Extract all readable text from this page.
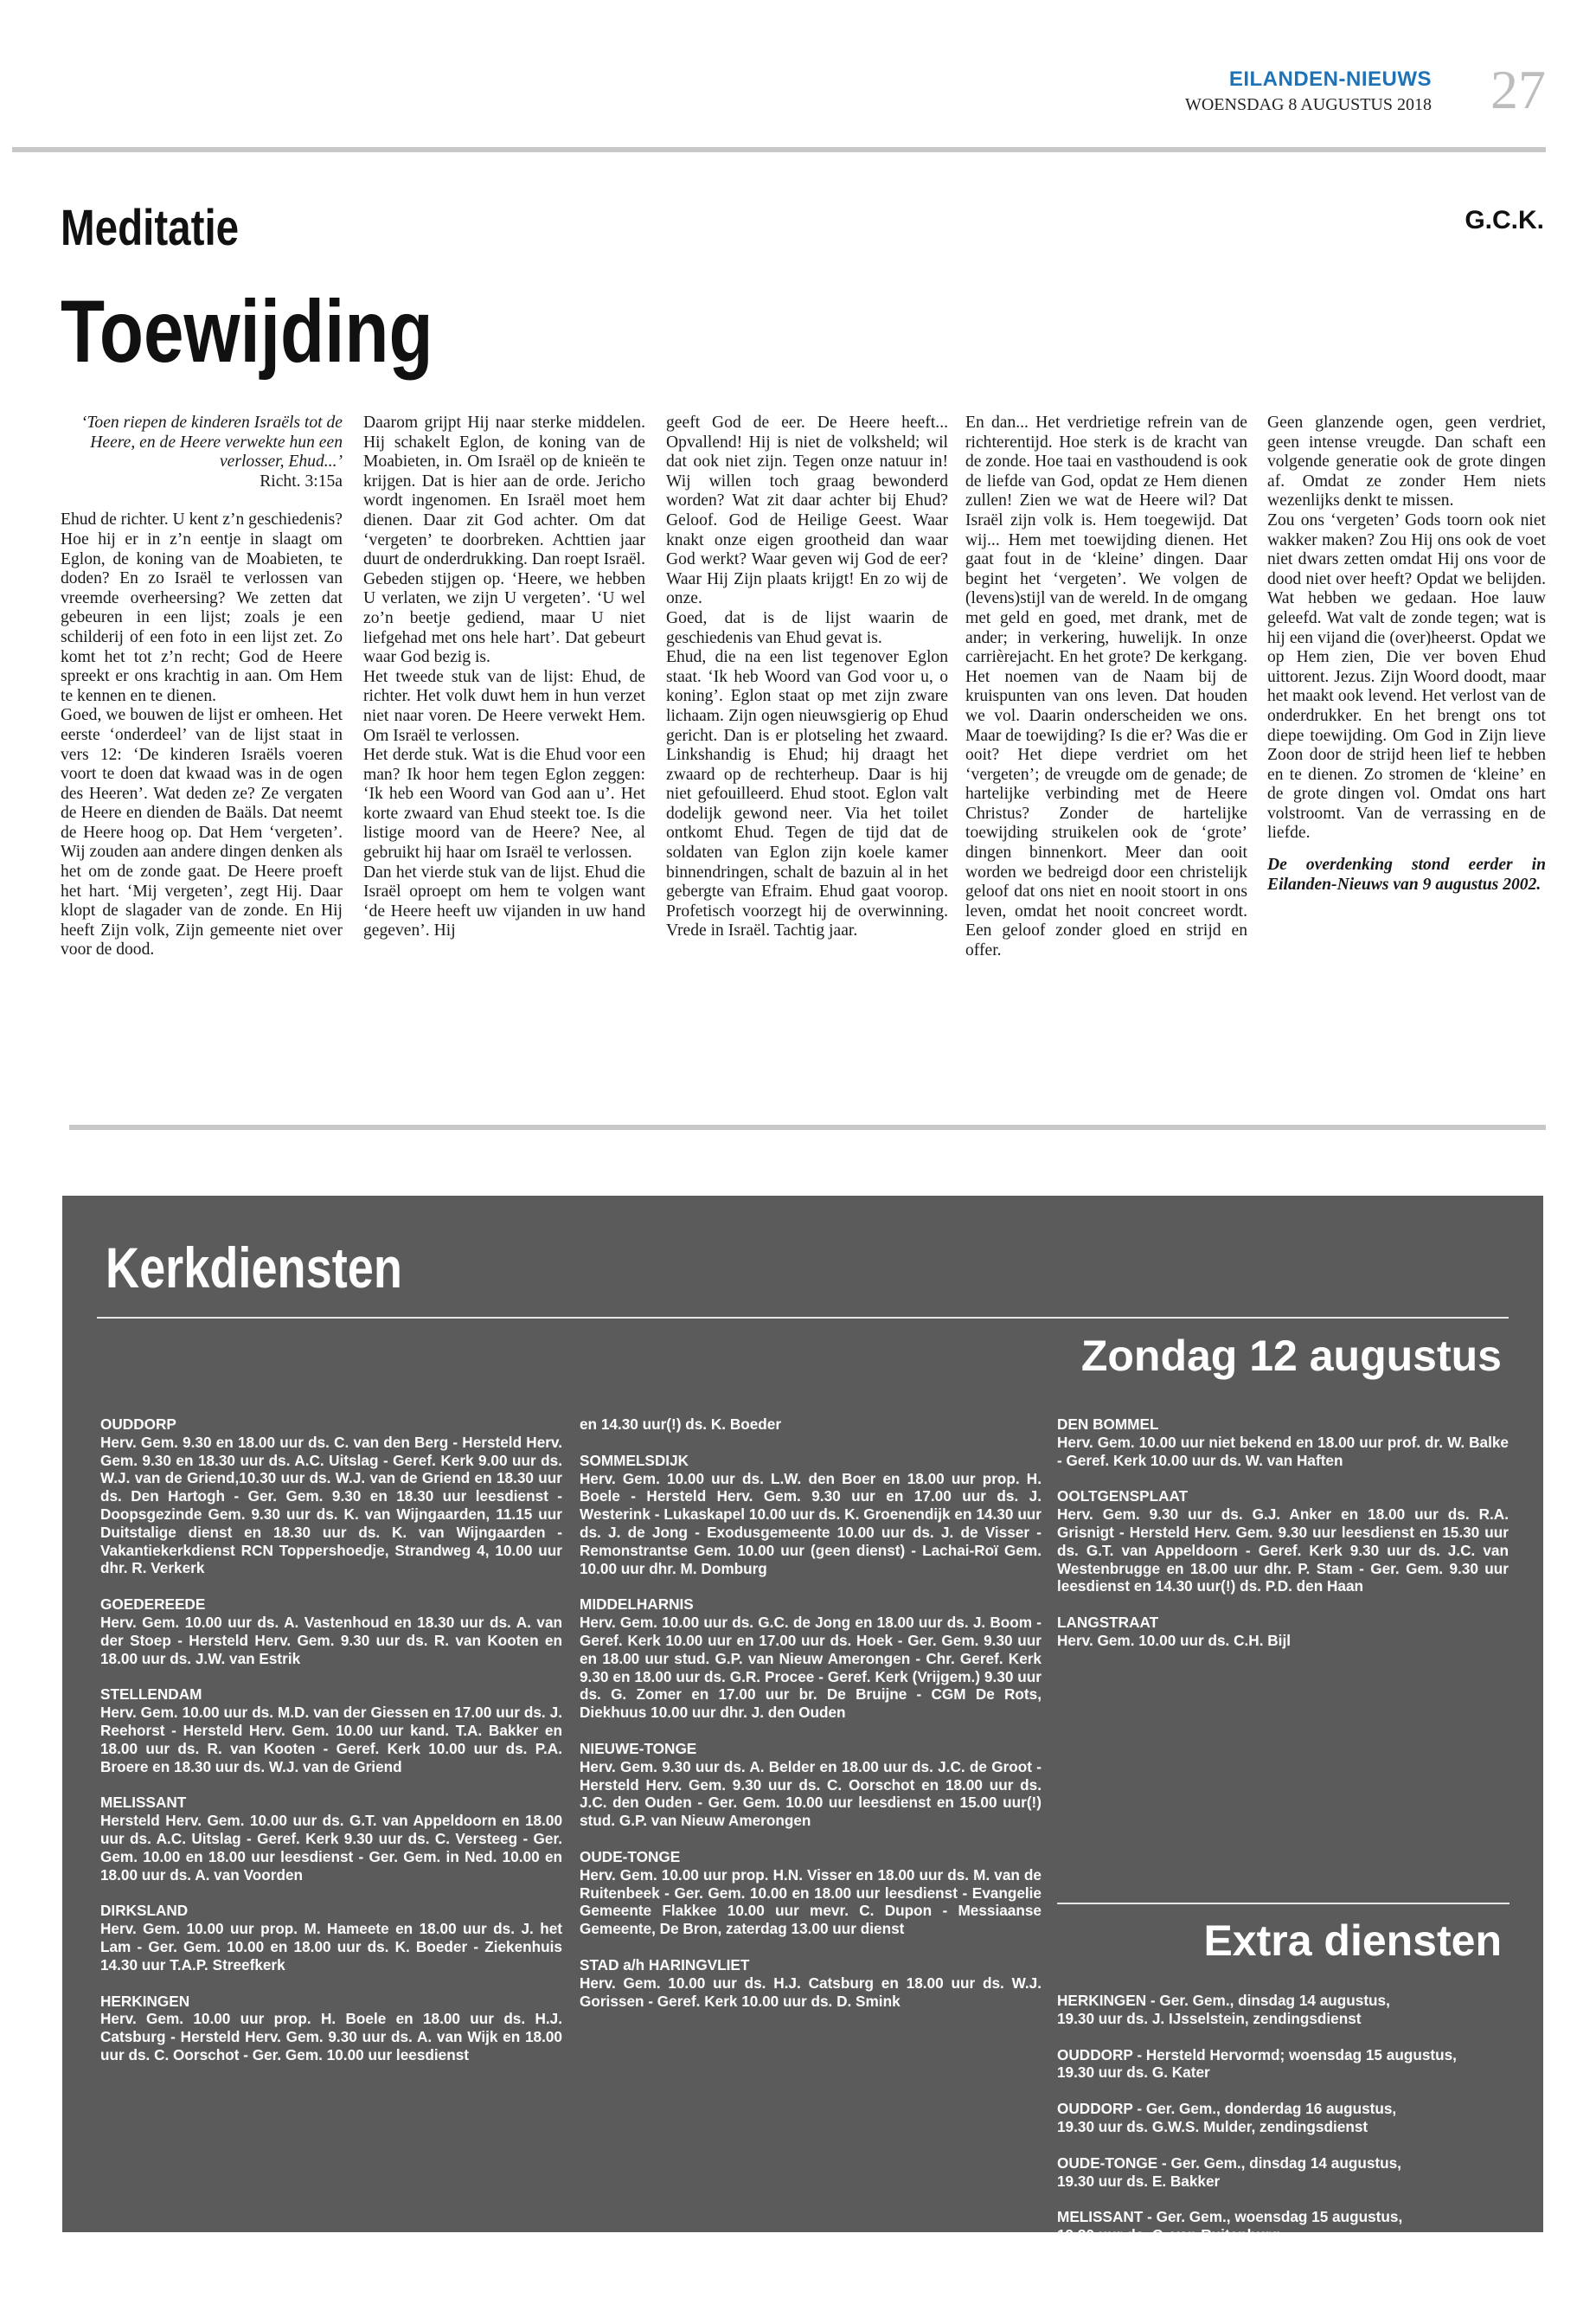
EILANDEN-NIEUWS
WOENSDAG 8 AUGUSTUS 2018 27
Meditatie	G.C.K.
Toewijding

‘Toen riepen de kinderen Israëls tot de Heere, en de Heere verwekte hun een verlosser, Ehud...’

Richt. 3:15a

Ehud de richter. U kent z’n geschiedenis? Hoe hij er in z’n eentje in slaagt om Eglon, de koning van de Moabieten, te doden? En zo Israël te verlossen van vreemde overheersing? We zetten dat gebeuren in een lijst; zoals je een schilderij of een foto in een lijst zet. Zo komt het tot z’n recht; God de Heere spreekt er ons krachtig in aan. Om Hem te kennen en te dienen.

Goed, we bouwen de lijst er omheen. Het eerste ‘onderdeel’ van de lijst staat in vers 12: ‘De kinderen Israëls voeren voort te doen dat kwaad was in de ogen des Heeren’. Wat deden ze? Ze vergaten de Heere en dienden de Baäls. Dat neemt de Heere hoog op. Dat Hem ‘vergeten’. Wij zouden aan andere dingen denken als het om de zonde gaat. De Heere proeft het hart. ‘Mij vergeten’, zegt Hij. Daar klopt de slagader van de zonde. En Hij heeft Zijn volk, Zijn gemeente niet over voor de dood.

Daarom grijpt Hij naar sterke middelen. Hij schakelt Eglon, de koning van de Moabieten, in. Om Israël op de knieën te krijgen. Dat is hier aan de orde. Jericho wordt ingenomen. En Israël moet hem dienen. Daar zit God achter. Om dat ‘vergeten’ te doorbreken. Achttien jaar duurt de onderdrukking. Dan roept Israël. Gebeden stijgen op. ‘Heere, we hebben U verlaten, we zijn U vergeten’. ‘U wel zo’n beetje gediend, maar U niet liefgehad met ons hele hart’. Dat gebeurt waar God bezig is.

Het tweede stuk van de lijst: Ehud, de richter. Het volk duwt hem in hun verzet niet naar voren. De Heere verwekt Hem. Om Israël te verlossen.

Het derde stuk. Wat is die Ehud voor een man? Ik hoor hem tegen Eglon zeggen: ‘Ik heb een Woord van God aan u’. Het korte zwaard van Ehud steekt toe. Is die listige moord van de Heere? Nee, al gebruikt hij haar om Israël te verlossen.

Dan het vierde stuk van de lijst. Ehud die Israël oproept om hem te volgen want ‘de Heere heeft uw vijanden in uw hand gegeven’. Hij

geeft God de eer. De Heere heeft... Opvallend! Hij is niet de volksheld; wil dat ook niet zijn. Tegen onze natuur in! Wij willen toch graag bewonderd worden? Wat zit daar achter bij Ehud? Geloof. God de Heilige Geest. Waar knakt onze eigen grootheid dan waar God werkt? Waar geven wij God de eer? Waar Hij Zijn plaats krijgt! En zo wij de onze.

Goed, dat is de lijst waarin de geschiedenis van Ehud gevat is.

Ehud, die na een list tegenover Eglon staat. ‘Ik heb Woord van God voor u, o koning’. Eglon staat op met zijn zware lichaam. Zijn ogen nieuwsgierig op Ehud gericht. Dan is er plotseling het zwaard. Linkshandig is Ehud; hij draagt het zwaard op de rechterheup. Daar is hij niet gefouilleerd. Ehud stoot. Eglon valt dodelijk gewond neer. Via het toilet ontkomt Ehud. Tegen de tijd dat de soldaten van Eglon zijn koele kamer binnendringen, schalt de bazuin al in het gebergte van Efraim. Ehud gaat voorop. Profetisch voorzegt hij de overwinning. Vrede in Israël. Tachtig jaar.

En dan... Het verdrietige refrein van de richterentijd. Hoe sterk is de kracht van de zonde. Hoe taai en vasthoudend is ook de liefde van God, opdat ze Hem dienen zullen! Zien we wat de Heere wil? Dat Israël zijn volk is. Hem toegewijd. Dat wij... Hem met toewijding dienen. Het gaat fout in de ‘kleine’ dingen. Daar begint het ‘vergeten’. We volgen de (levens)stijl van de wereld. In de omgang met geld en goed, met drank, met de ander; in verkering, huwelijk. In onze carrièrejacht. En het grote? De kerkgang. Het noemen van de Naam bij de kruispunten van ons leven. Dat houden we vol. Daarin onderscheiden we ons. Maar de toewijding? Is die er? Was die er ooit? Het diepe verdriet om het ‘vergeten’; de vreugde om de genade; de hartelijke verbinding met de Heere Christus? Zonder de hartelijke toewijding struikelen ook de ‘grote’ dingen binnenkort. Meer dan ooit worden we bedreigd door een christelijk geloof dat ons niet en nooit stoort in ons leven, omdat het nooit concreet wordt. Een geloof zonder gloed en strijd en offer.

Geen glanzende ogen, geen verdriet, geen intense vreugde. Dan schaft een volgende generatie ook de grote dingen af. Omdat ze zonder Hem niets wezenlijks denkt te missen.

Zou ons ‘vergeten’ Gods toorn ook niet wakker maken? Zou Hij ons ook de voet niet dwars zetten omdat Hij ons voor de dood niet over heeft? Opdat we belijden. Wat hebben we gedaan. Hoe lauw geleefd. Wat valt de zonde tegen; wat is hij een vijand die (over)heerst. Opdat we op Hem zien, Die ver boven Ehud uittorent. Jezus. Zijn Woord doodt, maar het maakt ook levend. Het verlost van de onderdrukker. En het brengt ons tot diepe toewijding. Om God in Zijn lieve Zoon door de strijd heen lief te hebben en te dienen. Zo stromen de ‘kleine’ en de grote dingen vol. Omdat ons hart volstroomt. Van de verrassing en de liefde.

De overdenking stond eerder in Eilanden-Nieuws van 9 augustus 2002.

Kerkdiensten
Zondag 12 augustus
OUDDORP
Herv. Gem. 9.30 en 18.00 uur ds. C. van den Berg - Hersteld Herv. Gem. 9.30 en 18.30 uur ds. A.C. Uitslag - Geref. Kerk 9.00 uur ds. W.J. van de Griend,10.30 uur ds. W.J. van de Griend en 18.30 uur ds. Den Hartogh - Ger. Gem. 9.30 en 18.30 uur leesdienst - Doopsgezinde Gem. 9.30 uur ds. K. van Wijngaarden, 11.15 uur Duitstalige dienst en 18.30 uur ds. K. van Wijngaarden - Vakantiekerkdienst RCN Toppershoedje, Strandweg 4, 10.00 uur dhr. R. Verkerk
GOEDEREEDE
Herv. Gem. 10.00 uur ds. A. Vastenhoud en 18.30 uur ds. A. van der Stoep - Hersteld Herv. Gem. 9.30 uur ds. R. van Kooten en 18.00 uur ds. J.W. van Estrik
STELLENDAM
Herv. Gem. 10.00 uur ds. M.D. van der Giessen en 17.00 uur ds. J. Reehorst - Hersteld Herv. Gem. 10.00 uur kand. T.A. Bakker en 18.00 uur ds. R. van Kooten - Geref. Kerk 10.00 uur ds. P.A. Broere en 18.30 uur ds. W.J. van de Griend
MELISSANT
Hersteld Herv. Gem. 10.00 uur ds. G.T. van Appeldoorn en 18.00 uur ds. A.C. Uitslag - Geref. Kerk 9.30 uur ds. C. Versteeg - Ger. Gem. 10.00 en 18.00 uur leesdienst - Ger. Gem. in Ned. 10.00 en 18.00 uur ds. A. van Voorden
DIRKSLAND
Herv. Gem. 10.00 uur prop. M. Hameete en 18.00 uur ds. J. het Lam - Ger. Gem. 10.00 en 18.00 uur ds. K. Boeder - Ziekenhuis 14.30 uur T.A.P. Streefkerk
HERKINGEN
Herv. Gem. 10.00 uur prop. H. Boele en 18.00 uur ds. H.J. Catsburg - Hersteld Herv. Gem. 9.30 uur ds. A. van Wijk en 18.00 uur ds. C. Oorschot - Ger. Gem. 10.00 uur leesdienst
en 14.30 uur(!) ds. K. Boeder
SOMMELSDIJK
Herv. Gem. 10.00 uur ds. L.W. den Boer en 18.00 uur prop. H. Boele - Hersteld Herv. Gem. 9.30 uur en 17.00 uur ds. J. Westerink - Lukaskapel 10.00 uur ds. K. Groenendijk en 14.30 uur ds. J. de Jong - Exodusgemeente 10.00 uur ds. J. de Visser - Remonstrantse Gem. 10.00 uur (geen dienst) - Lachai-Roï Gem. 10.00 uur dhr. M. Domburg
MIDDELHARNIS
Herv. Gem. 10.00 uur ds. G.C. de Jong en 18.00 uur ds. J. Boom - Geref. Kerk 10.00 uur en 17.00 uur ds. Hoek - Ger. Gem. 9.30 uur en 18.00 uur stud. G.P. van Nieuw Amerongen - Chr. Geref. Kerk 9.30 en 18.00 uur ds. G.R. Procee - Geref. Kerk (Vrijgem.) 9.30 uur ds. G. Zomer en 17.00 uur br. De Bruijne - CGM De Rots, Diekhuus 10.00 uur dhr. J. den Ouden
NIEUWE-TONGE
Herv. Gem. 9.30 uur ds. A. Belder en 18.00 uur ds. J.C. de Groot - Hersteld Herv. Gem. 9.30 uur ds. C. Oorschot en 18.00 uur ds. J.C. den Ouden - Ger. Gem. 10.00 uur leesdienst en 15.00 uur(!) stud. G.P. van Nieuw Amerongen
OUDE-TONGE
Herv. Gem. 10.00 uur prop. H.N. Visser en 18.00 uur ds. M. van de Ruitenbeek - Ger. Gem. 10.00 en 18.00 uur leesdienst - Evangelie Gemeente Flakkee 10.00 uur mevr. C. Dupon - Messiaanse Gemeente, De Bron, zaterdag 13.00 uur dienst
STAD a/h HARINGVLIET
Herv. Gem. 10.00 uur ds. H.J. Catsburg en 18.00 uur ds. W.J. Gorissen - Geref. Kerk 10.00 uur ds. D. Smink
DEN BOMMEL
Herv. Gem. 10.00 uur niet bekend en 18.00 uur prof. dr. W. Balke - Geref. Kerk 10.00 uur ds. W. van Haften
OOLTGENSPLAAT
Herv. Gem. 9.30 uur ds. G.J. Anker en 18.00 uur ds. R.A. Grisnigt - Hersteld Herv. Gem. 9.30 uur leesdienst en 15.30 uur ds. G.T. van Appeldoorn - Geref. Kerk 9.30 uur ds. J.C. van Westenbrugge en 18.00 uur dhr. P. Stam - Ger. Gem. 9.30 uur leesdienst en 14.30 uur(!) ds. P.D. den Haan
LANGSTRAAT
Herv. Gem. 10.00 uur ds. C.H. Bijl
Extra diensten
HERKINGEN - Ger. Gem., dinsdag 14 augustus,
19.30 uur ds. J. IJsselstein, zendingsdienst
OUDDORP - Hersteld Hervormd; woensdag 15 augustus,
19.30 uur ds. G. Kater
OUDDORP - Ger. Gem., donderdag 16 augustus,
19.30 uur ds. G.W.S. Mulder, zendingsdienst
OUDE-TONGE - Ger. Gem., dinsdag 14 augustus,
19.30 uur ds. E. Bakker
MELISSANT - Ger. Gem., woensdag 15 augustus,
19.30 uur ds. C. van Ruitenburg
MIDDELHARNIS - Ger. Gem., woensdag 15 augustus,
19.30 uur ds. H. Hofman
